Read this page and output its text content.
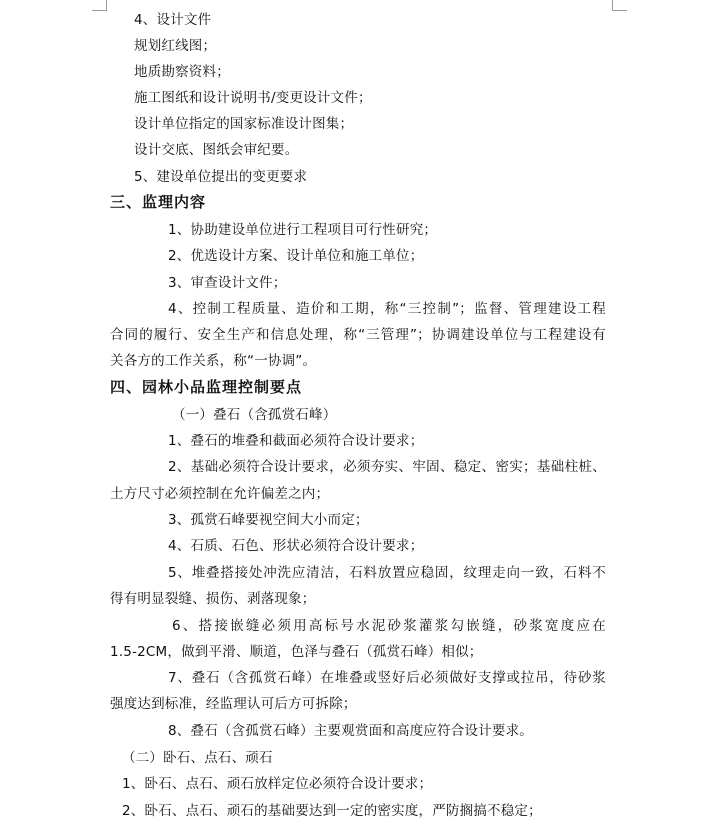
4、设计文件
规划红线图；
地质勘察资料；
施工图纸和设计说明书/变更设计文件；
设计单位指定的国家标准设计图集；
设计交底、图纸会审纪要。
5、建设单位提出的变更要求
三、监理内容
1、协助建设单位进行工程项目可行性研究；
2、优选设计方案、设计单位和施工单位；
3、审查设计文件；
4、控制工程质量、造价和工期，称“三控制”；监督、管理建设工程
合同的履行、安全生产和信息处理，称“三管理”；协调建设单位与工程建设有
关各方的工作关系，称“一协调”。
四、园林小品监理控制要点
（一）叠石（含孤赏石峰）
1、叠石的堆叠和截面必须符合设计要求；
2、基础必须符合设计要求，必须夯实、牢固、稳定、密实；基础柱桩、
土方尺寸必须控制在允许偏差之内；
3、孤赏石峰要视空间大小而定；
4、石质、石色、形状必须符合设计要求；
5、堆叠搭接处冲洗应清洁，石料放置应稳固，纹理走向一致，石料不
得有明显裂缝、损伤、剥落现象；
6、搭接嵌缝必须用高标号水泥砂浆灌浆勾嵌缝，砂浆宽度应在
1.5-2CM，做到平滑、顺道，色泽与叠石（孤赏石峰）相似；
7、叠石（含孤赏石峰）在堆叠或竖好后必须做好支撑或拉吊，待砂浆
强度达到标准，经监理认可后方可拆除；
8、叠石（含孤赏石峰）主要观赏面和高度应符合设计要求。
（二）卧石、点石、顽石
1、卧石、点石、顽石放样定位必须符合设计要求；
2、卧石、点石、顽石的基础要达到一定的密实度，严防搁搞不稳定；
